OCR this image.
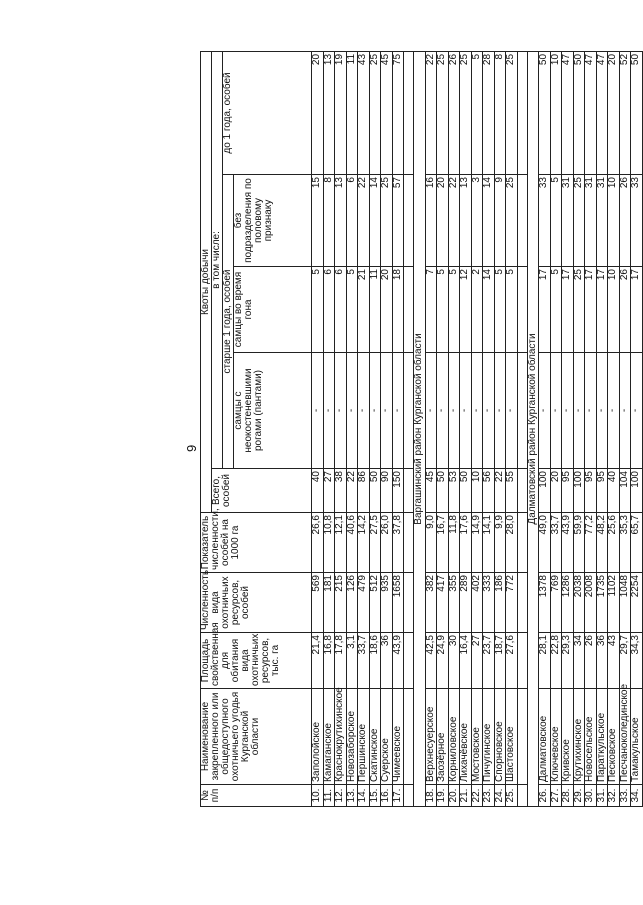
9
№ п/п	Наименование закрепленного или общедоступного охотничьего угодья Курганской области	Площадь свойственная для обитания вида охотничьих ресурсов, тыс. га	Численность вида охотничьих ресурсов, особей	Показатель численности, особей на 1000 га	Квоты добычи				
					Всего, особей	в том числе:			
						старше 1 года, особей			до 1 года, особей
						самцы с неокостеневшими рогами (пантами)	самцы во время гона	без подразделения по половому признаку	
10.	Заполойское	21,4	569	26,6	40	-	5	15	20
11.	Камаганское	16,8	181	10,8	27	-	6	8	13
12.	Краснокрутихинское	17,8	215	12,1	38	-	6	13	19
13.	Новозаборское	3,1	126	40,6	22	-	5	6	11
14.	Першинское	33,7	479	14,2	86	-	21	22	43
15.	Скатинское	18,6	512	27,5	50	-	11	14	25
16.	Суерское	36	935	26,0	90	-	20	25	45
17.	Чимеевское	43,9	1658	37,8	150	-	18	57	75

Варгашинский район Курганской области									
18.	Верхнесуерское	42,5	382	9,0	45	-	7	16	22
19.	Заозёрное	24,9	417	16,7	50	-	5	20	25
20.	Корниловское	30	355	11,8	53	-	5	22	26
21.	Лихачёвское	16,4	289	17,6	50	-	12	13	25
22.	Мостовское	27	402	14,9	10	-	2	3	5
23.	Пичугинское	23,7	333	14,1	56	-	14	14	28
24.	Спорновское	18,7	186	9,9	22	-	5	9	8
25.	Шастовское	27,6	772	28,0	55	-	5	25	25

Далматовский район Курганской области									
26.	Далматовское	28,1	1378	49,0	100	-	17	33	50
27.	Ключевское	22,8	769	33,7	20	-	5	5	10
28.	Кривское	29,3	1286	43,9	95	-	17	31	47
29.	Крутихинское	34	2038	59,9	100	-	25	25	50
30.	Новосельское	26	2008	77,2	95	-	17	31	47
31.	Параткульское	36	1735	48,2	95	-	17	31	47
32.	Песковское	43	1102	25,6	40	-	10	10	20
33.	Песчаноколединское	29,7	1048	35,3	104	-	26	26	52
34.	Тамакульское	34,3	2254	65,7	100	-	17	33	50
